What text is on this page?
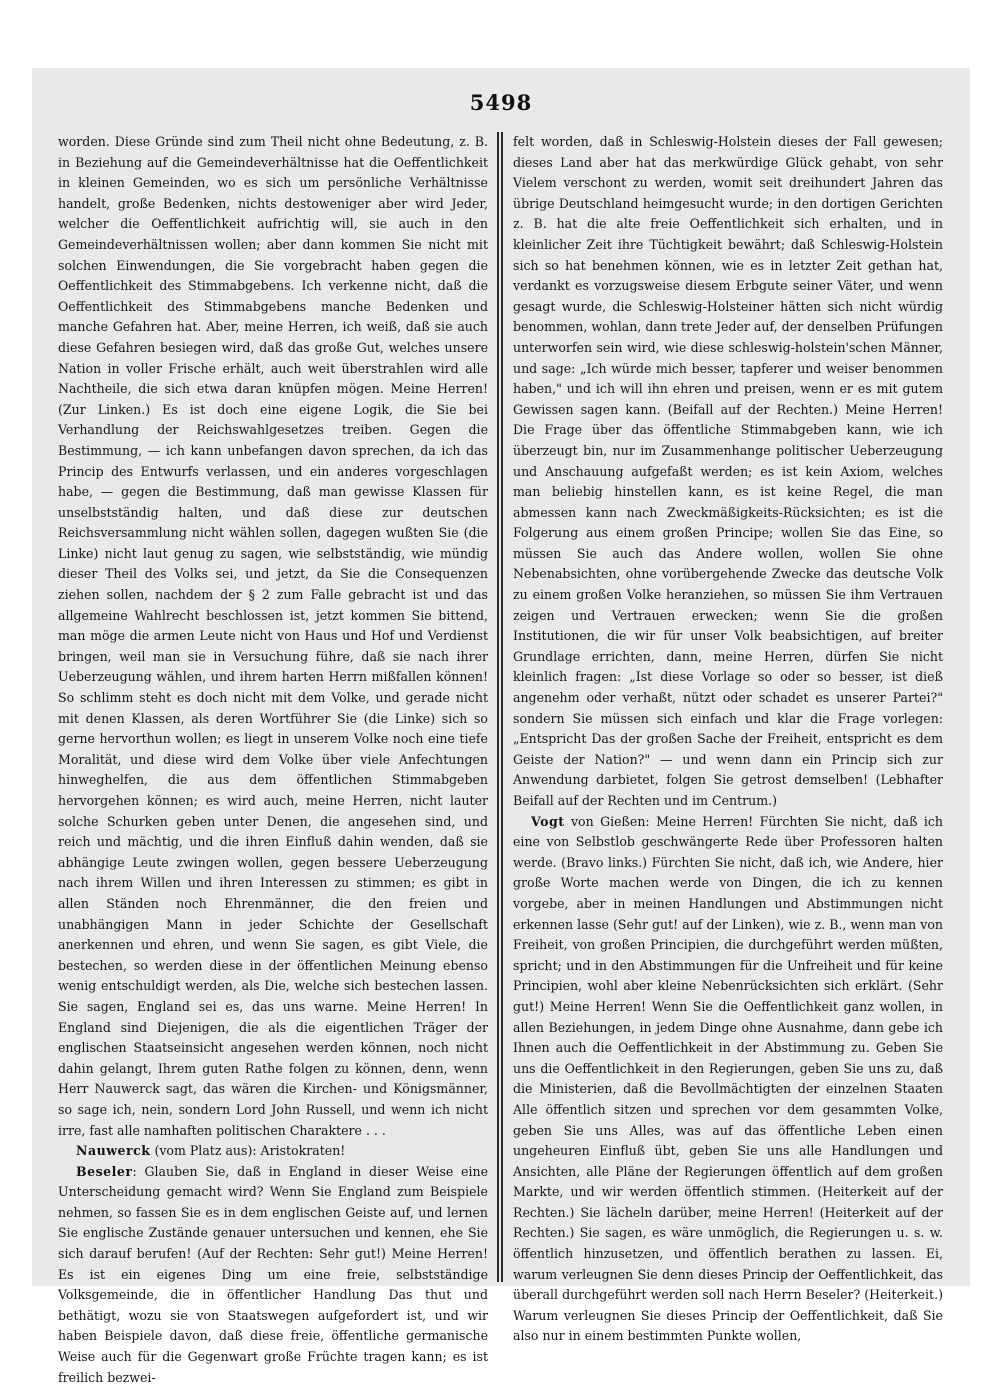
5498

worden. Diese Gründe sind zum Theil nicht ohne Bedeutung, z. B. in Beziehung auf die Gemeindeverhältnisse hat die Oeffentlichkeit in kleinen Gemeinden, wo es sich um persönliche Verhältnisse handelt, große Bedenken, nichts destoweniger aber wird Jeder, welcher die Oeffentlichkeit aufrichtig will, sie auch in den Gemeindeverhältnissen wollen; aber dann kommen Sie nicht mit solchen Einwendungen, die Sie vorgebracht haben gegen die Oeffentlichkeit des Stimmabgebens. Ich verkenne nicht, daß die Oeffentlichkeit des Stimmabgebens manche Bedenken und manche Gefahren hat. Aber, meine Herren, ich weiß, daß sie auch diese Gefahren besiegen wird, daß das große Gut, welches unsere Nation in voller Frische erhält, auch weit überstrahlen wird alle Nachtheile, die sich etwa daran knüpfen mögen. Meine Herren! (Zur Linken.) Es ist doch eine eigene Logik, die Sie bei Verhandlung der Reichswahlgesetzes treiben. Gegen die Bestimmung, — ich kann unbefangen davon sprechen, da ich das Princip des Entwurfs verlassen, und ein anderes vorgeschlagen habe, — gegen die Bestimmung, daß man gewisse Klassen für unselbstständig halten, und daß diese zur deutschen Reichsversammlung nicht wählen sollen, dagegen wußten Sie (die Linke) nicht laut genug zu sagen, wie selbstständig, wie mündig dieser Theil des Volks sei, und jetzt, da Sie die Consequenzen ziehen sollen, nachdem der § 2 zum Falle gebracht ist und das allgemeine Wahlrecht beschlossen ist, jetzt kommen Sie bittend, man möge die armen Leute nicht von Haus und Hof und Verdienst bringen, weil man sie in Versuchung führe, daß sie nach ihrer Ueberzeugung wählen, und ihrem harten Herrn mißfallen können! So schlimm steht es doch nicht mit dem Volke, und gerade nicht mit denen Klassen, als deren Wortführer Sie (die Linke) sich so gerne hervorthun wollen; es liegt in unserem Volke noch eine tiefe Moralität, und diese wird dem Volke über viele Anfechtungen hinweghelfen, die aus dem öffentlichen Stimmabgeben hervorgehen können; es wird auch, meine Herren, nicht lauter solche Schurken geben unter Denen, die angesehen sind, und reich und mächtig, und die ihren Einfluß dahin wenden, daß sie abhängige Leute zwingen wollen, gegen bessere Ueberzeugung nach ihrem Willen und ihren Interessen zu stimmen; es gibt in allen Ständen noch Ehrenmänner, die den freien und unabhängigen Mann in jeder Schichte der Gesellschaft anerkennen und ehren, und wenn Sie sagen, es gibt Viele, die bestechen, so werden diese in der öffentlichen Meinung ebenso wenig entschuldigt werden, als Die, welche sich bestechen lassen. Sie sagen, England sei es, das uns warne. Meine Herren! In England sind Diejenigen, die als die eigentlichen Träger der englischen Staatseinsicht angesehen werden können, noch nicht dahin gelangt, Ihrem guten Rathe folgen zu können, denn, wenn Herr Nauwerck sagt, das wären die Kirchen- und Königsmänner, so sage ich, nein, sondern Lord John Russell, und wenn ich nicht irre, fast alle namhaften politischen Charaktere . . .

Nauwerck (vom Platz aus): Aristokraten!

Beseler: Glauben Sie, daß in England in dieser Weise eine Unterscheidung gemacht wird? Wenn Sie England zum Beispiele nehmen, so fassen Sie es in dem englischen Geiste auf, und lernen Sie englische Zustände genauer untersuchen und kennen, ehe Sie sich darauf berufen! (Auf der Rechten: Sehr gut!) Meine Herren! Es ist ein eigenes Ding um eine freie, selbstständige Volksgemeinde, die in öffentlicher Handlung Das thut und bethätigt, wozu sie von Staatswegen aufgefordert ist, und wir haben Beispiele davon, daß diese freie, öffentliche germanische Weise auch für die Gegenwart große Früchte tragen kann; es ist freilich bezwei-

felt worden, daß in Schleswig-Holstein dieses der Fall gewesen; dieses Land aber hat das merkwürdige Glück gehabt, von sehr Vielem verschont zu werden, womit seit dreihundert Jahren das übrige Deutschland heimgesucht wurde; in den dortigen Gerichten z. B. hat die alte freie Oeffentlichkeit sich erhalten, und in kleinlicher Zeit ihre Tüchtigkeit bewährt; daß Schleswig-Holstein sich so hat benehmen können, wie es in letzter Zeit gethan hat, verdankt es vorzugsweise diesem Erbgute seiner Väter, und wenn gesagt wurde, die Schleswig-Holsteiner hätten sich nicht würdig benommen, wohlan, dann trete Jeder auf, der denselben Prüfungen unterworfen sein wird, wie diese schleswig-holstein'schen Männer, und sage: „Ich würde mich besser, tapferer und weiser benommen haben," und ich will ihn ehren und preisen, wenn er es mit gutem Gewissen sagen kann. (Beifall auf der Rechten.) Meine Herren! Die Frage über das öffentliche Stimmabgeben kann, wie ich überzeugt bin, nur im Zusammenhange politischer Ueberzeugung und Anschauung aufgefaßt werden; es ist kein Axiom, welches man beliebig hinstellen kann, es ist keine Regel, die man abmessen kann nach Zweckmäßigkeits-Rücksichten; es ist die Folgerung aus einem großen Principe; wollen Sie das Eine, so müssen Sie auch das Andere wollen, wollen Sie ohne Nebenabsichten, ohne vorübergehende Zwecke das deutsche Volk zu einem großen Volke heranziehen, so müssen Sie ihm Vertrauen zeigen und Vertrauen erwecken; wenn Sie die großen Institutionen, die wir für unser Volk beabsichtigen, auf breiter Grundlage errichten, dann, meine Herren, dürfen Sie nicht kleinlich fragen: „Ist diese Vorlage so oder so besser, ist dieß angenehm oder verhaßt, nützt oder schadet es unserer Partei?" sondern Sie müssen sich einfach und klar die Frage vorlegen: „Entspricht Das der großen Sache der Freiheit, entspricht es dem Geiste der Nation?" — und wenn dann ein Princip sich zur Anwendung darbietet, folgen Sie getrost demselben! (Lebhafter Beifall auf der Rechten und im Centrum.)

Vogt von Gießen: Meine Herren! Fürchten Sie nicht, daß ich eine von Selbstlob geschwängerte Rede über Professoren halten werde. (Bravo links.) Fürchten Sie nicht, daß ich, wie Andere, hier große Worte machen werde von Dingen, die ich zu kennen vorgebe, aber in meinen Handlungen und Abstimmungen nicht erkennen lasse (Sehr gut! auf der Linken), wie z. B., wenn man von Freiheit, von großen Principien, die durchgeführt werden müßten, spricht; und in den Abstimmungen für die Unfreiheit und für keine Principien, wohl aber kleine Nebenrücksichten sich erklärt. (Sehr gut!) Meine Herren! Wenn Sie die Oeffentlichkeit ganz wollen, in allen Beziehungen, in jedem Dinge ohne Ausnahme, dann gebe ich Ihnen auch die Oeffentlichkeit in der Abstimmung zu. Geben Sie uns die Oeffentlichkeit in den Regierungen, geben Sie uns zu, daß die Ministerien, daß die Bevollmächtigten der einzelnen Staaten Alle öffentlich sitzen und sprechen vor dem gesammten Volke, geben Sie uns Alles, was auf das öffentliche Leben einen ungeheuren Einfluß übt, geben Sie uns alle Handlungen und Ansichten, alle Pläne der Regierungen öffentlich auf dem großen Markte, und wir werden öffentlich stimmen. (Heiterkeit auf der Rechten.) Sie lächeln darüber, meine Herren! (Heiterkeit auf der Rechten.) Sie sagen, es wäre unmöglich, die Regierungen u. s. w. öffentlich hinzusetzen, und öffentlich berathen zu lassen. Ei, warum verleugnen Sie denn dieses Princip der Oeffentlichkeit, das überall durchgeführt werden soll nach Herrn Beseler? (Heiterkeit.) Warum verleugnen Sie dieses Princip der Oeffentlichkeit, daß Sie also nur in einem bestimmten Punkte wollen,
